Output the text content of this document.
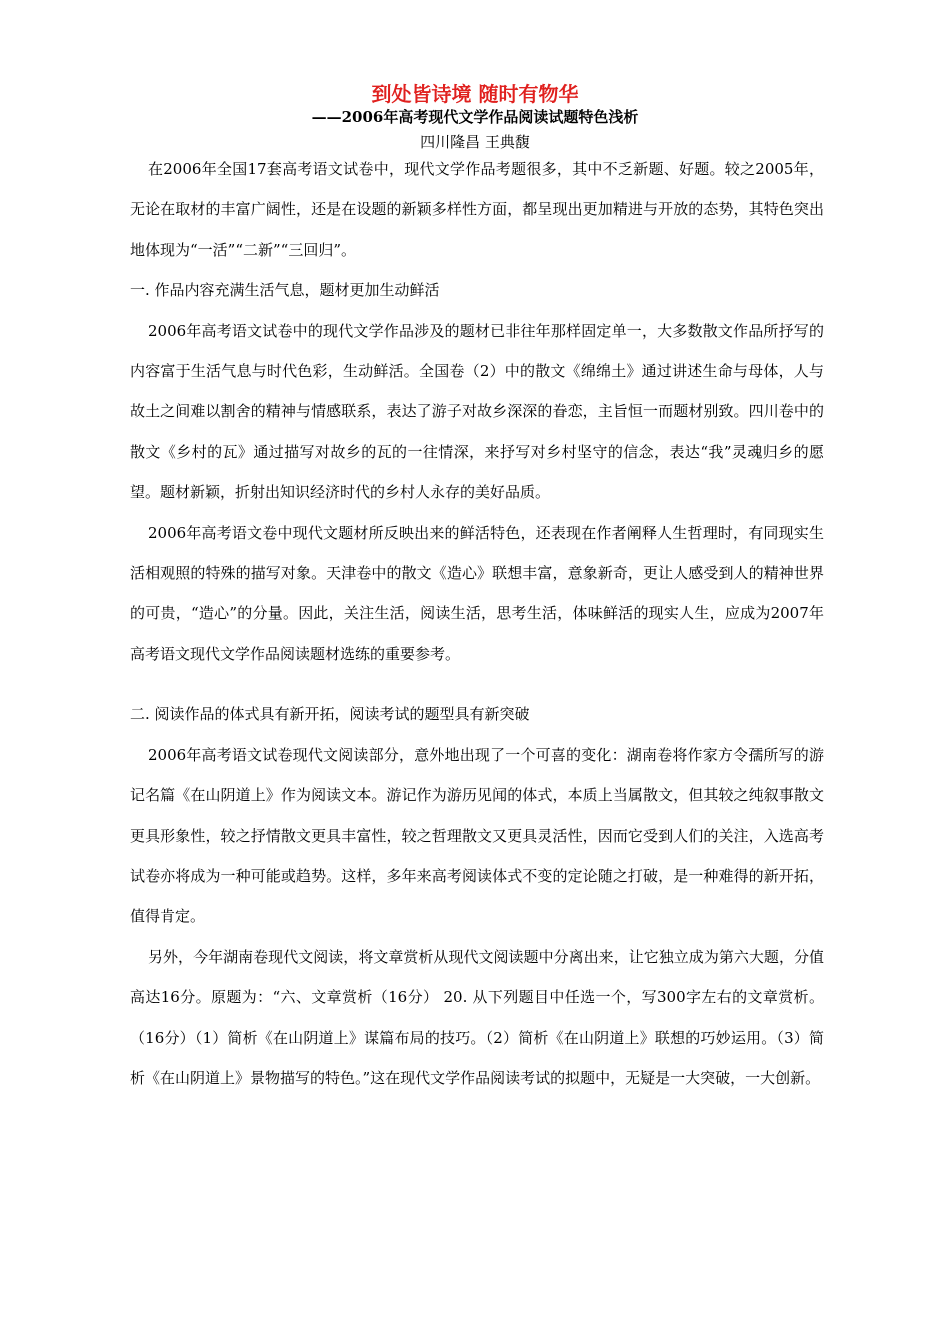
到处皆诗境 随时有物华
——2006年高考现代文学作品阅读试题特色浅析
四川隆昌 王典馥

在2006年全国17套高考语文试卷中，现代文学作品考题很多，其中不乏新题、好题。较之2005年，无论在取材的丰富广阔性，还是在设题的新颖多样性方面，都呈现出更加精进与开放的态势，其特色突出地体现为“一活”“二新”“三回归”。

一. 作品内容充满生活气息，题材更加生动鲜活

2006年高考语文试卷中的现代文学作品涉及的题材已非往年那样固定单一，大多数散文作品所抒写的内容富于生活气息与时代色彩，生动鲜活。全国卷（2）中的散文《绵绵土》通过讲述生命与母体，人与故土之间难以割舍的精神与情感联系，表达了游子对故乡深深的眷恋，主旨恒一而题材别致。四川卷中的散文《乡村的瓦》通过描写对故乡的瓦的一往情深，来抒写对乡村坚守的信念，表达“我”灵魂归乡的愿望。题材新颖，折射出知识经济时代的乡村人永存的美好品质。

2006年高考语文卷中现代文题材所反映出来的鲜活特色，还表现在作者阐释人生哲理时，有同现实生活相观照的特殊的描写对象。天津卷中的散文《造心》联想丰富，意象新奇，更让人感受到人的精神世界的可贵，“造心”的分量。因此，关注生活，阅读生活，思考生活，体味鲜活的现实人生，应成为2007年高考语文现代文学作品阅读题材选练的重要参考。

二. 阅读作品的体式具有新开拓，阅读考试的题型具有新突破

2006年高考语文试卷现代文阅读部分，意外地出现了一个可喜的变化：湖南卷将作家方令孺所写的游记名篇《在山阴道上》作为阅读文本。游记作为游历见闻的体式，本质上当属散文，但其较之纯叙事散文更具形象性，较之抒情散文更具丰富性，较之哲理散文又更具灵活性，因而它受到人们的关注，入选高考试卷亦将成为一种可能或趋势。这样，多年来高考阅读体式不变的定论随之打破，是一种难得的新开拓，值得肯定。

另外，今年湖南卷现代文阅读，将文章赏析从现代文阅读题中分离出来，让它独立成为第六大题，分值高达16分。原题为：“六、文章赏析（16分） 20. 从下列题目中任选一个，写300字左右的文章赏析。（16分）（1）简析《在山阴道上》谋篇布局的技巧。（2）简析《在山阴道上》联想的巧妙运用。（3）简析《在山阴道上》景物描写的特色。”这在现代文学作品阅读考试的拟题中，无疑是一大突破，一大创新。
